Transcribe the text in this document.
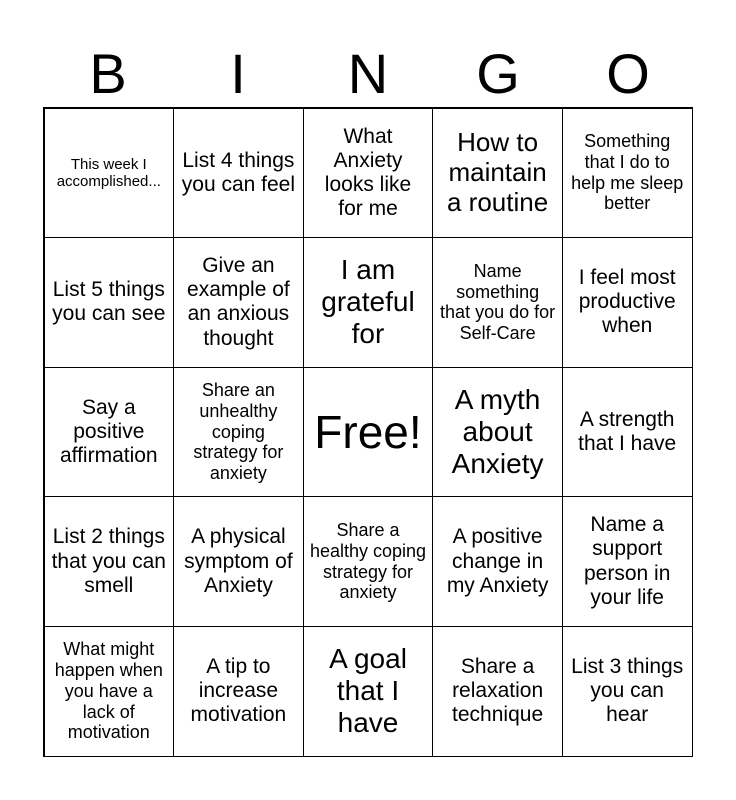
B	I	N	G	O
This week I accomplished...
List 4 things you can feel
What Anxiety looks like for me
How to maintain a routine
Something that I do to help me sleep better
List 5 things you can see
Give an example of an anxious thought
I am grateful for
Name something that you do for Self-Care
I feel most productive when
Say a positive affirmation
Share an unhealthy coping strategy for anxiety
Free!
A myth about Anxiety
A strength that I have
List 2 things that you can smell
A physical symptom of Anxiety
Share a healthy coping strategy for anxiety
A positive change in my Anxiety
Name a support person in your life
What might happen when you have a lack of motivation
A tip to increase motivation
A goal that I have
Share a relaxation technique
List 3 things you can hear
